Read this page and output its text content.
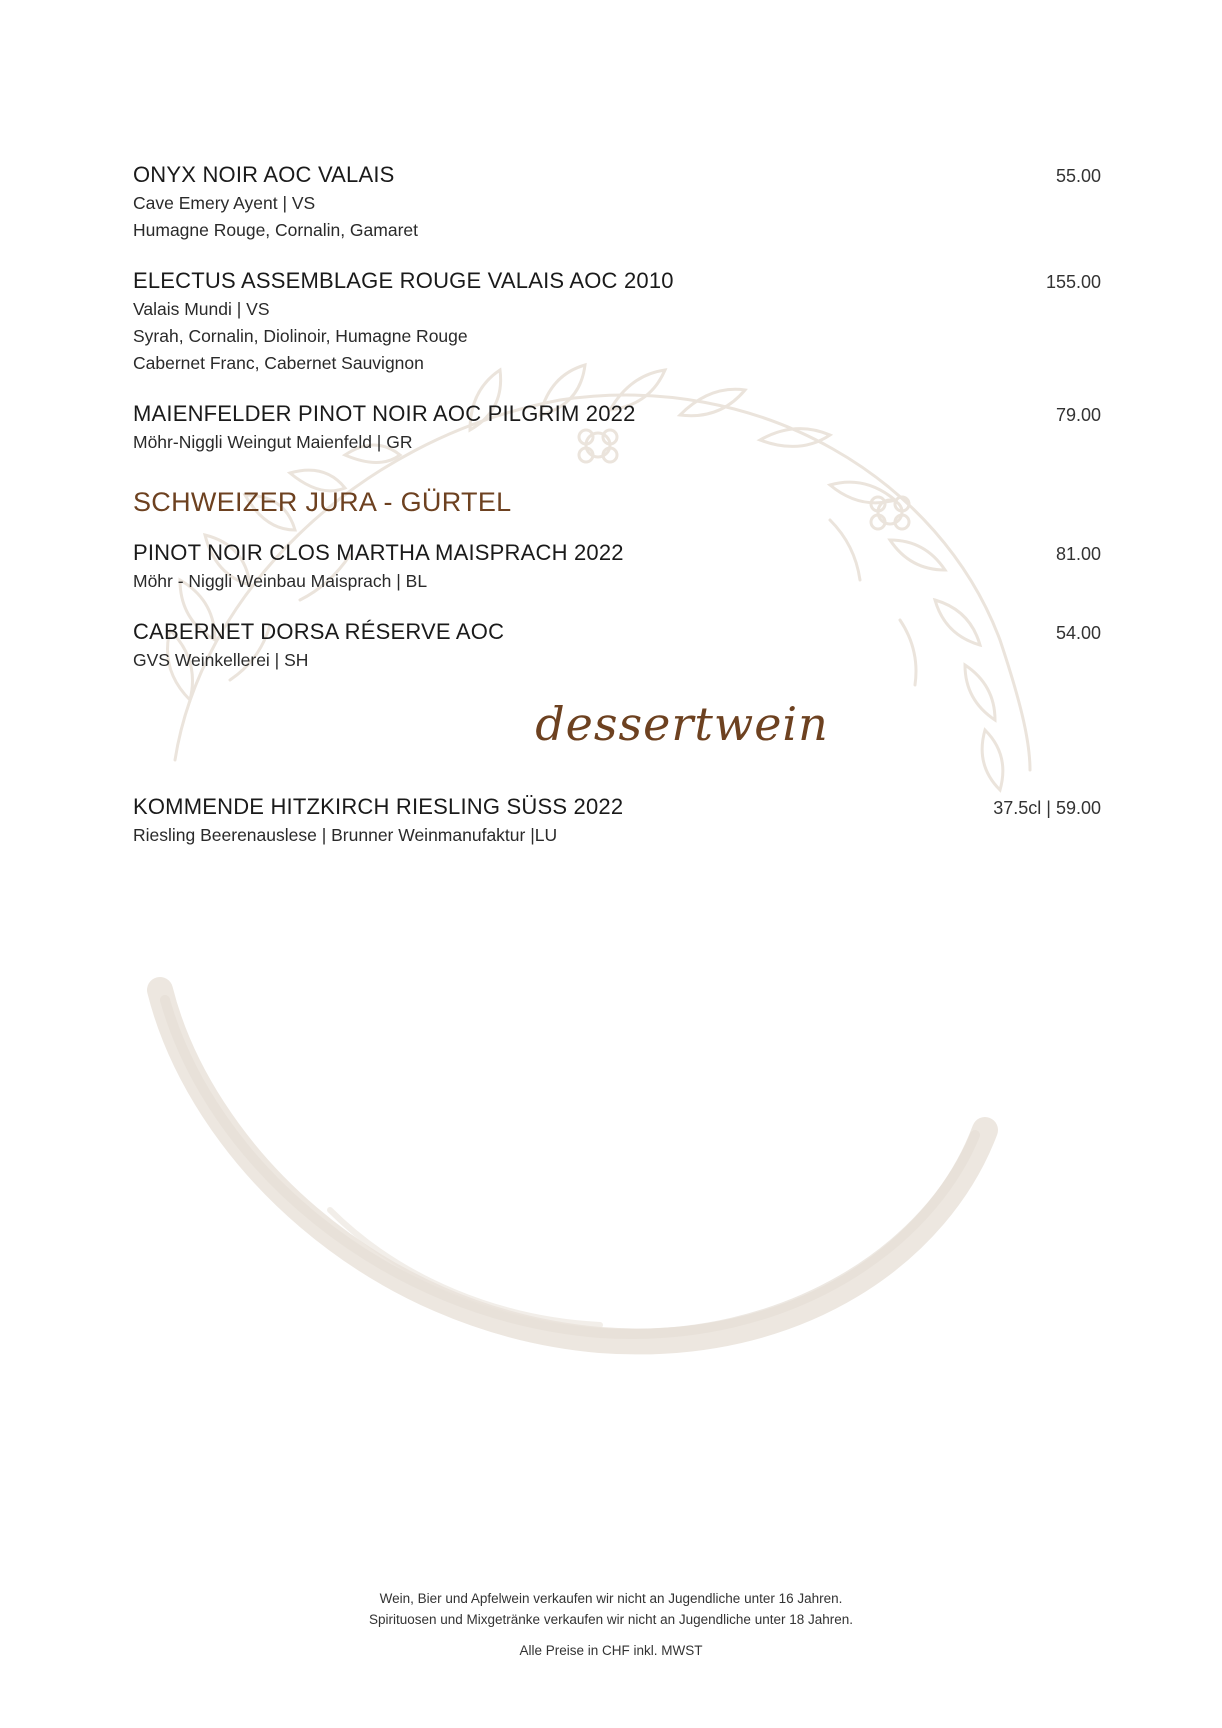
ONYX NOIR AOC VALAIS	55.00
Cave Emery Ayent | VS
Humagne Rouge, Cornalin, Gamaret
ELECTUS ASSEMBLAGE ROUGE VALAIS AOC 2010	155.00
Valais Mundi | VS
Syrah, Cornalin, Diolinoir, Humagne Rouge
Cabernet Franc, Cabernet Sauvignon
MAIENFELDER PINOT NOIR AOC PILGRIM 2022	79.00
Möhr-Niggli Weingut Maienfeld | GR
SCHWEIZER JURA - GÜRTEL
PINOT NOIR CLOS MARTHA MAISPRACH 2022	81.00
Möhr - Niggli Weinbau Maisprach | BL
CABERNET DORSA RÉSERVE AOC	54.00
GVS Weinkellerei | SH
dessertwein
KOMMENDE HITZKIRCH RIESLING SÜSS 2022	37.5cl | 59.00
Riesling Beerenauslese | Brunner Weinmanufaktur |LU
Wein, Bier und Apfelwein verkaufen wir nicht an Jugendliche unter 16 Jahren.
Spirituosen und Mixgetränke verkaufen wir nicht an Jugendliche unter 18 Jahren.
Alle Preise in CHF inkl. MWST
